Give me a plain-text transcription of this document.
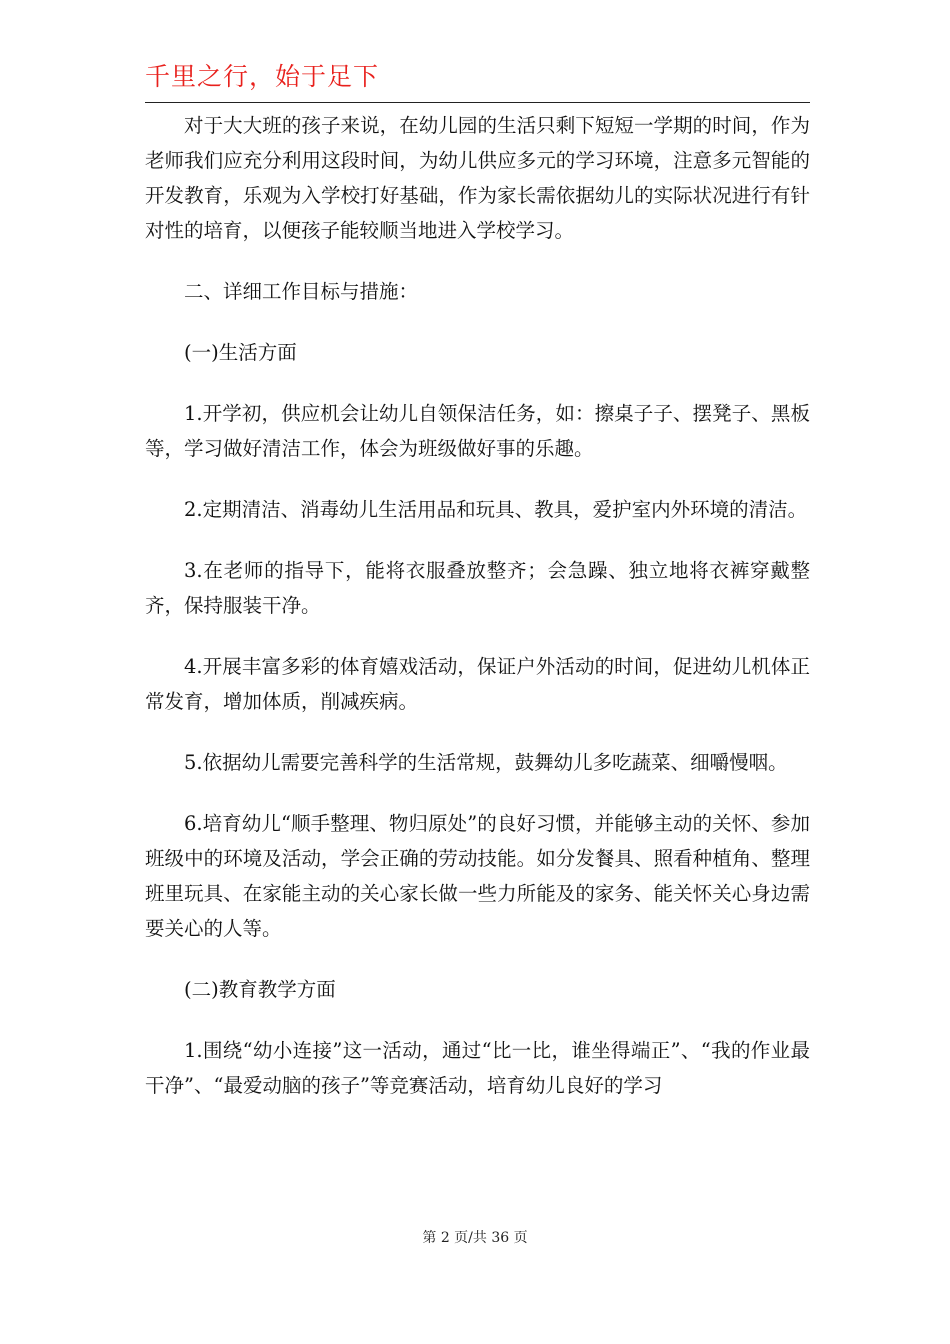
千里之行，始于足下

对于大大班的孩子来说，在幼儿园的生活只剩下短短一学期的时间，作为老师我们应充分利用这段时间，为幼儿供应多元的学习环境，注意多元智能的开发教育，乐观为入学校打好基础，作为家长需依据幼儿的实际状况进行有针对性的培育，以便孩子能较顺当地进入学校学习。

二、详细工作目标与措施：

(一)生活方面

1.开学初，供应机会让幼儿自领保洁任务，如：擦桌子子、摆凳子、黑板等，学习做好清洁工作，体会为班级做好事的乐趣。

2.定期清洁、消毒幼儿生活用品和玩具、教具，爱护室内外环境的清洁。

3.在老师的指导下，能将衣服叠放整齐；会急躁、独立地将衣裤穿戴整齐，保持服装干净。

4.开展丰富多彩的体育嬉戏活动，保证户外活动的时间，促进幼儿机体正常发育，增加体质，削减疾病。

5.依据幼儿需要完善科学的生活常规，鼓舞幼儿多吃蔬菜、细嚼慢咽。

6.培育幼儿“顺手整理、物归原处”的良好习惯，并能够主动的关怀、参加班级中的环境及活动，学会正确的劳动技能。如分发餐具、照看种植角、整理班里玩具、在家能主动的关心家长做一些力所能及的家务、能关怀关心身边需要关心的人等。

(二)教育教学方面

1.围绕“幼小连接”这一活动，通过“比一比，谁坐得端正”、“我的作业最干净”、“最爱动脑的孩子”等竞赛活动，培育幼儿良好的学习

第 2 页/共 36 页
